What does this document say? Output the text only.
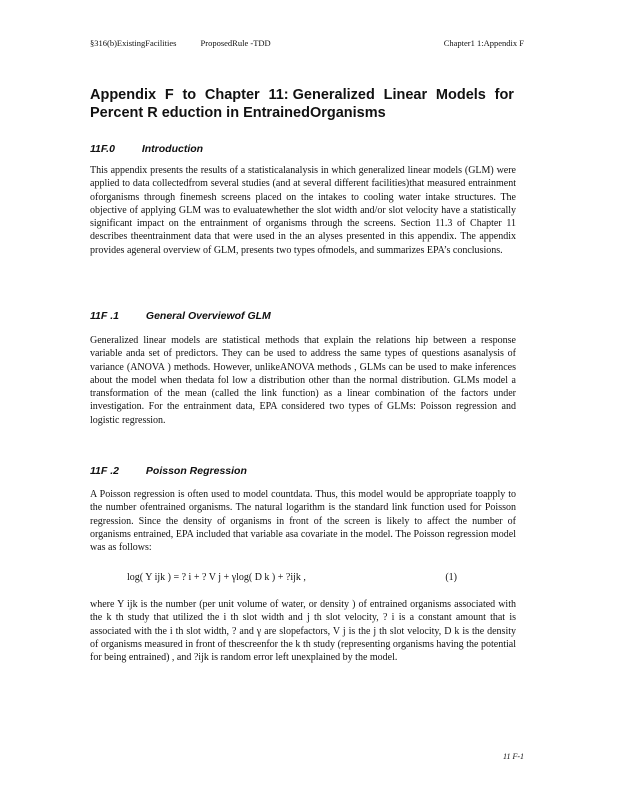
§316(b)ExistingFacilities	ProposedRule -TDD	Chapter1 1:Appendix F
Appendix F to Chapter 11: Generalized Linear Models for
Percent R eduction in EntrainedOrganisms
11F.0	Introduction

This appendix presents the results of a statisticalanalysis in which generalized linear models (GLM) were applied to data collectedfrom several studies (and at several different facilities)that measured entrainment oforganisms through finemesh screens placed on the intakes to cooling water intake structures. The objective of applying GLM was to evaluatewhether the slot width and/or slot velocity have a statistically significant impact on the entrainment of organisms through the screens. Section 11.3 of Chapter 11 describes theentrainment data that were used in the an alyses presented in this appendix. The appendix provides ageneral overview of GLM, presents two types ofmodels, and summarizes EPA’s conclusions.

11F .1	General Overviewof GLM

Generalized linear models are statistical methods that explain the relations hip between a response variable anda set of predictors. They can be used to address the same types of questions asanalysis of variance (ANOVA ) methods. However, unlikeANOVA methods , GLMs can be used to make inferences about the model when thedata fol low a distribution other than the normal distribution. GLMs model a transformation of the mean (called the link function) as a linear combination of the factors under investigation. For the entrainment data, EPA considered two types of GLMs: Poisson regression and logistic regression.

11F .2	Poisson Regression

A Poisson regression is often used to model countdata. Thus, this model would be appropriate toapply to the number ofentrained organisms. The natural logarithm is the standard link function used for Poisson regression. Since the density of organisms in front of the screen is likely to affect the number of organisms entrained, EPA included that variable asa covariate in the model. The Poisson regression model was as follows:

log( Y ijk ) = ? i + ? V j + γlog( D k ) + ?ijk ,	(1)

where Y ijk is the number (per unit volume of water, or density ) of entrained organisms associated with the k th study that utilized the i th slot width and j th slot velocity, ? i is a constant amount that is associated with the i th slot width, ? and γ are slopefactors, V j is the j th slot velocity, D k is the density of organisms measured in front of thescreenfor the k th study (representing organisms having the potential for being entrained) , and ?ijk is random error left unexplained by the model.

11 F-1
